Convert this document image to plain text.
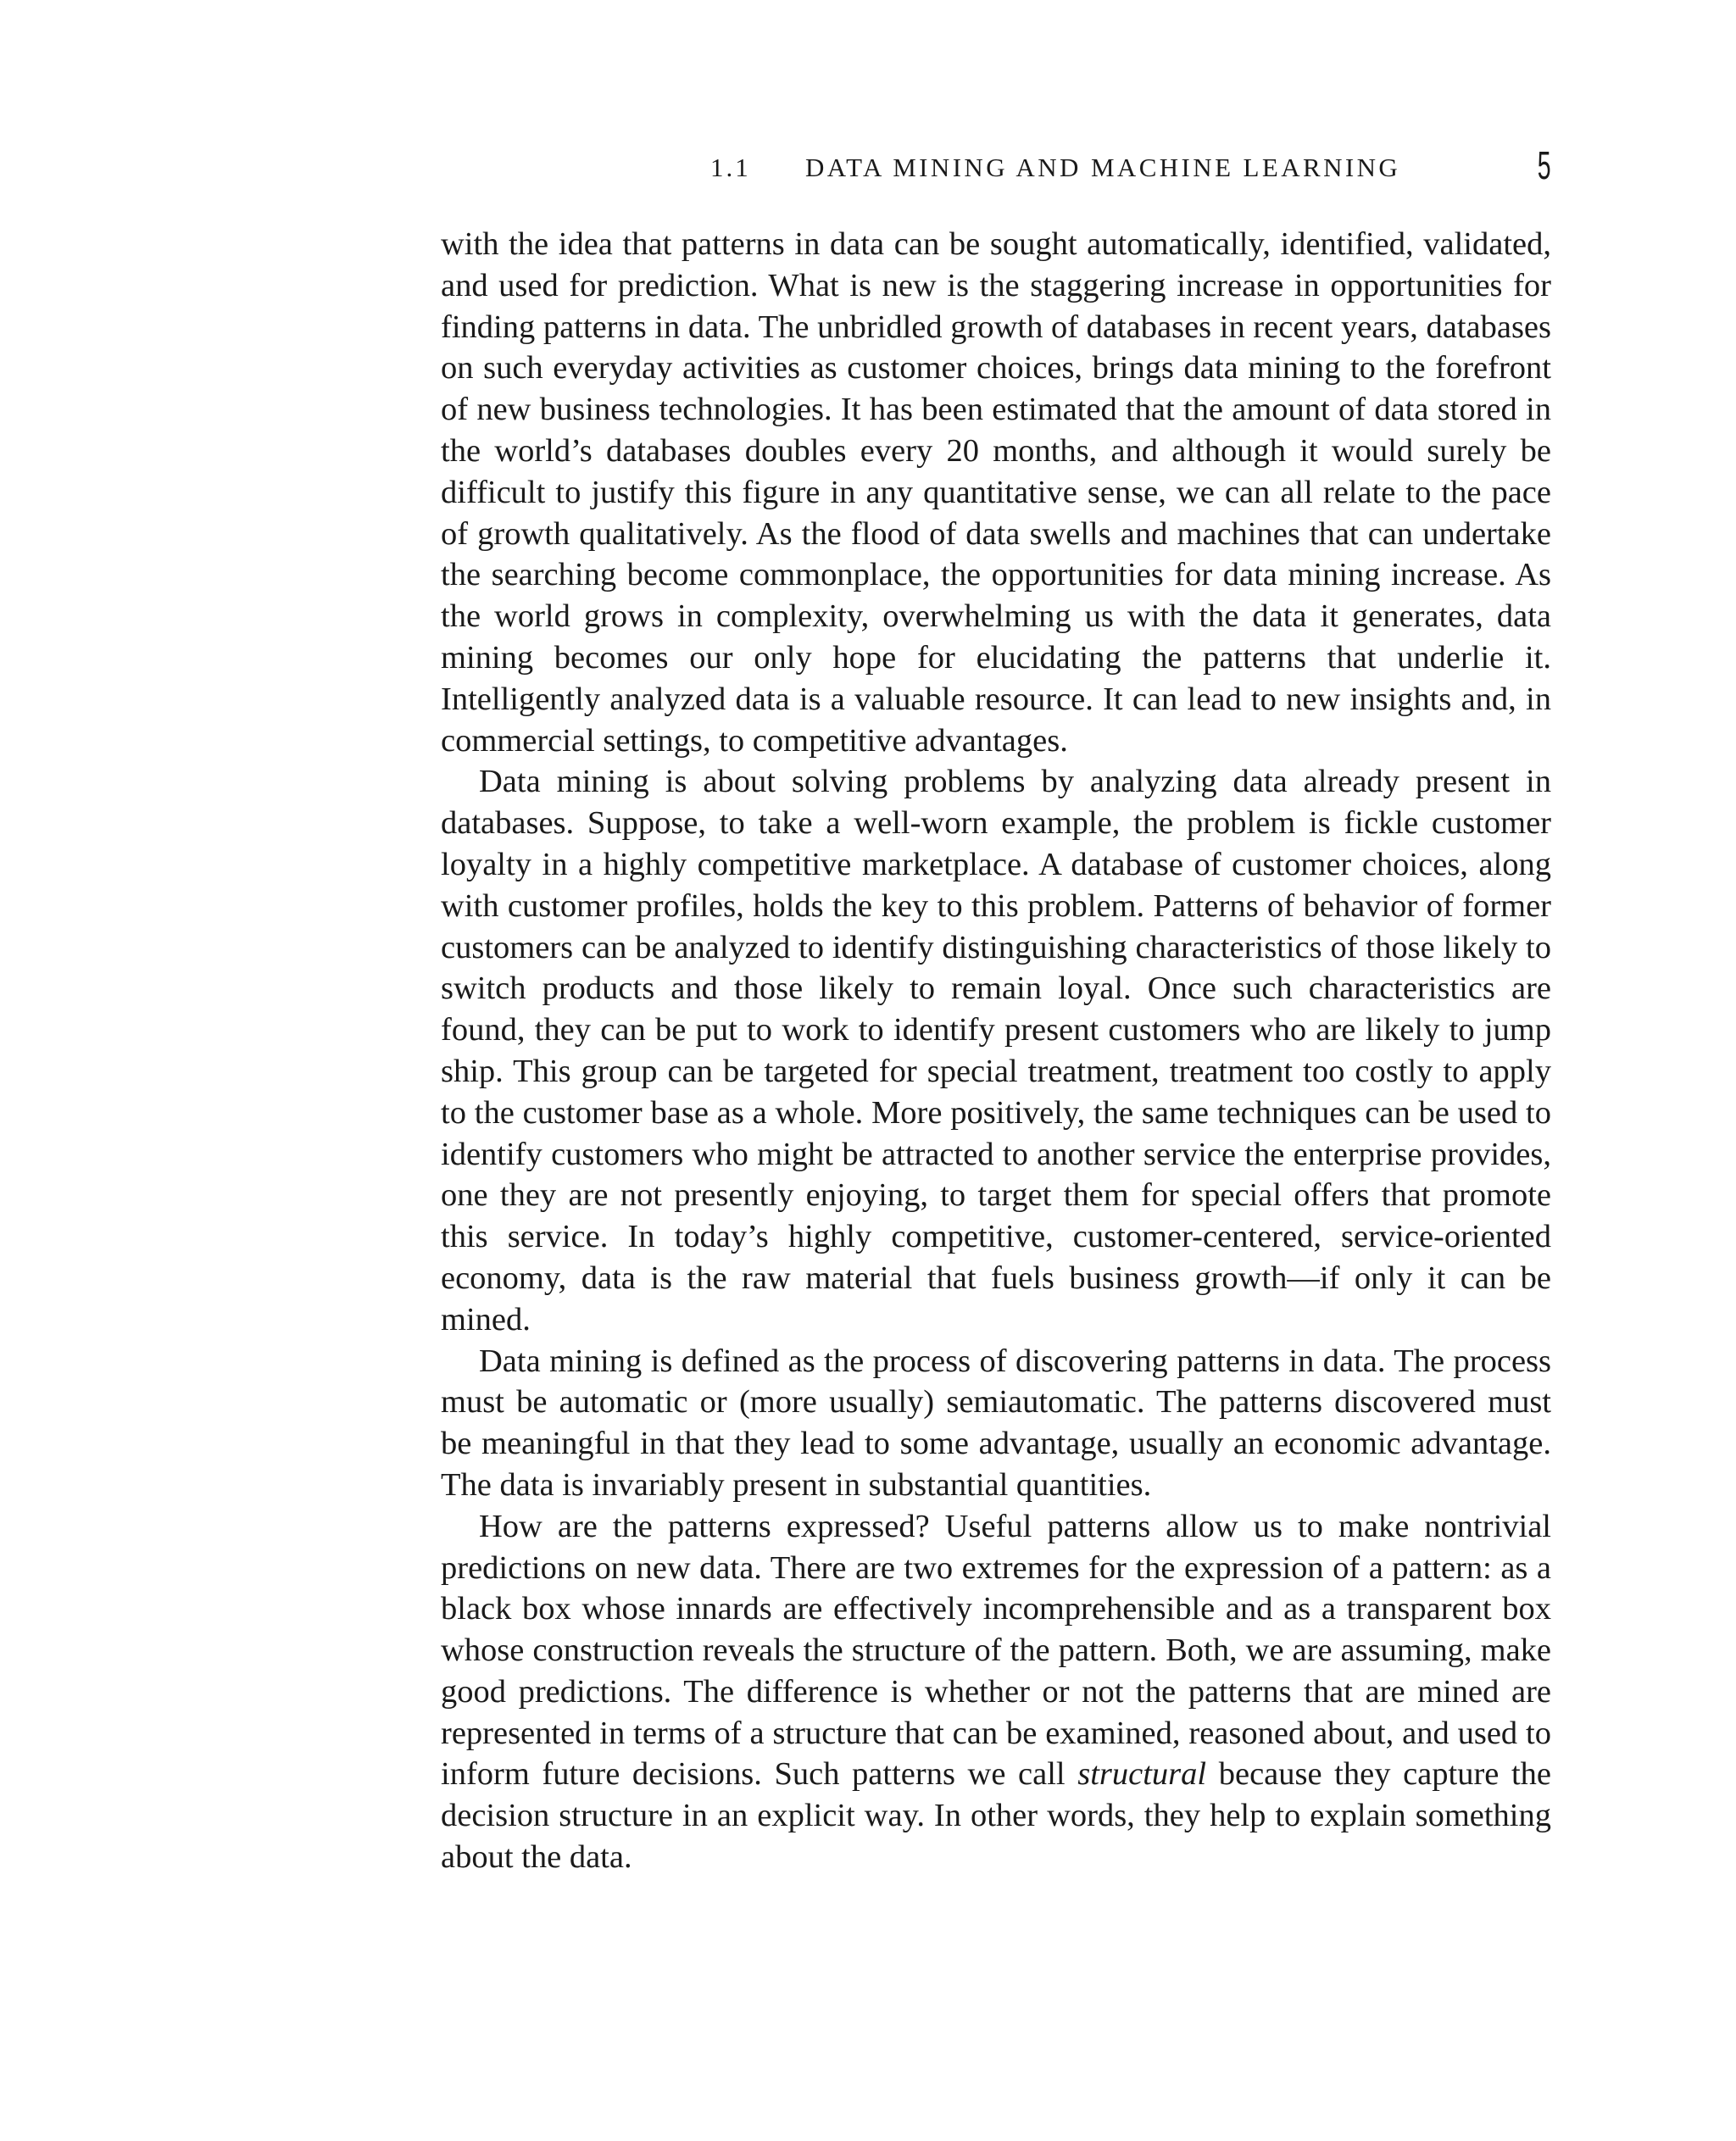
1.1 DATA MINING AND MACHINE LEARNING	5

with the idea that patterns in data can be sought automatically, identified, validated, and used for prediction. What is new is the staggering increase in opportunities for finding patterns in data. The unbridled growth of databases in recent years, databases on such everyday activities as customer choices, brings data mining to the forefront of new business technologies. It has been estimated that the amount of data stored in the world’s databases doubles every 20 months, and although it would surely be difficult to justify this figure in any quantitative sense, we can all relate to the pace of growth qualitatively. As the flood of data swells and machines that can undertake the searching become commonplace, the opportunities for data mining increase. As the world grows in complexity, overwhelming us with the data it generates, data mining becomes our only hope for elucidating the patterns that underlie it. Intelligently analyzed data is a valuable resource. It can lead to new insights and, in commercial settings, to competitive advantages.

Data mining is about solving problems by analyzing data already present in databases. Suppose, to take a well-worn example, the problem is fickle customer loyalty in a highly competitive marketplace. A database of customer choices, along with customer profiles, holds the key to this problem. Patterns of behavior of former customers can be analyzed to identify distinguishing characteristics of those likely to switch products and those likely to remain loyal. Once such characteristics are found, they can be put to work to identify present customers who are likely to jump ship. This group can be targeted for special treatment, treatment too costly to apply to the customer base as a whole. More positively, the same techniques can be used to identify customers who might be attracted to another service the enterprise provides, one they are not presently enjoying, to target them for special offers that promote this service. In today’s highly competitive, customer-centered, service-oriented economy, data is the raw material that fuels business growth—if only it can be mined.

Data mining is defined as the process of discovering patterns in data. The process must be automatic or (more usually) semiautomatic. The patterns discovered must be meaningful in that they lead to some advantage, usually an economic advantage. The data is invariably present in substantial quantities.

How are the patterns expressed? Useful patterns allow us to make nontrivial predictions on new data. There are two extremes for the expression of a pattern: as a black box whose innards are effectively incomprehensible and as a transparent box whose construction reveals the structure of the pattern. Both, we are assuming, make good predictions. The difference is whether or not the patterns that are mined are represented in terms of a structure that can be examined, reasoned about, and used to inform future decisions. Such patterns we call structural because they capture the decision structure in an explicit way. In other words, they help to explain something about the data.
